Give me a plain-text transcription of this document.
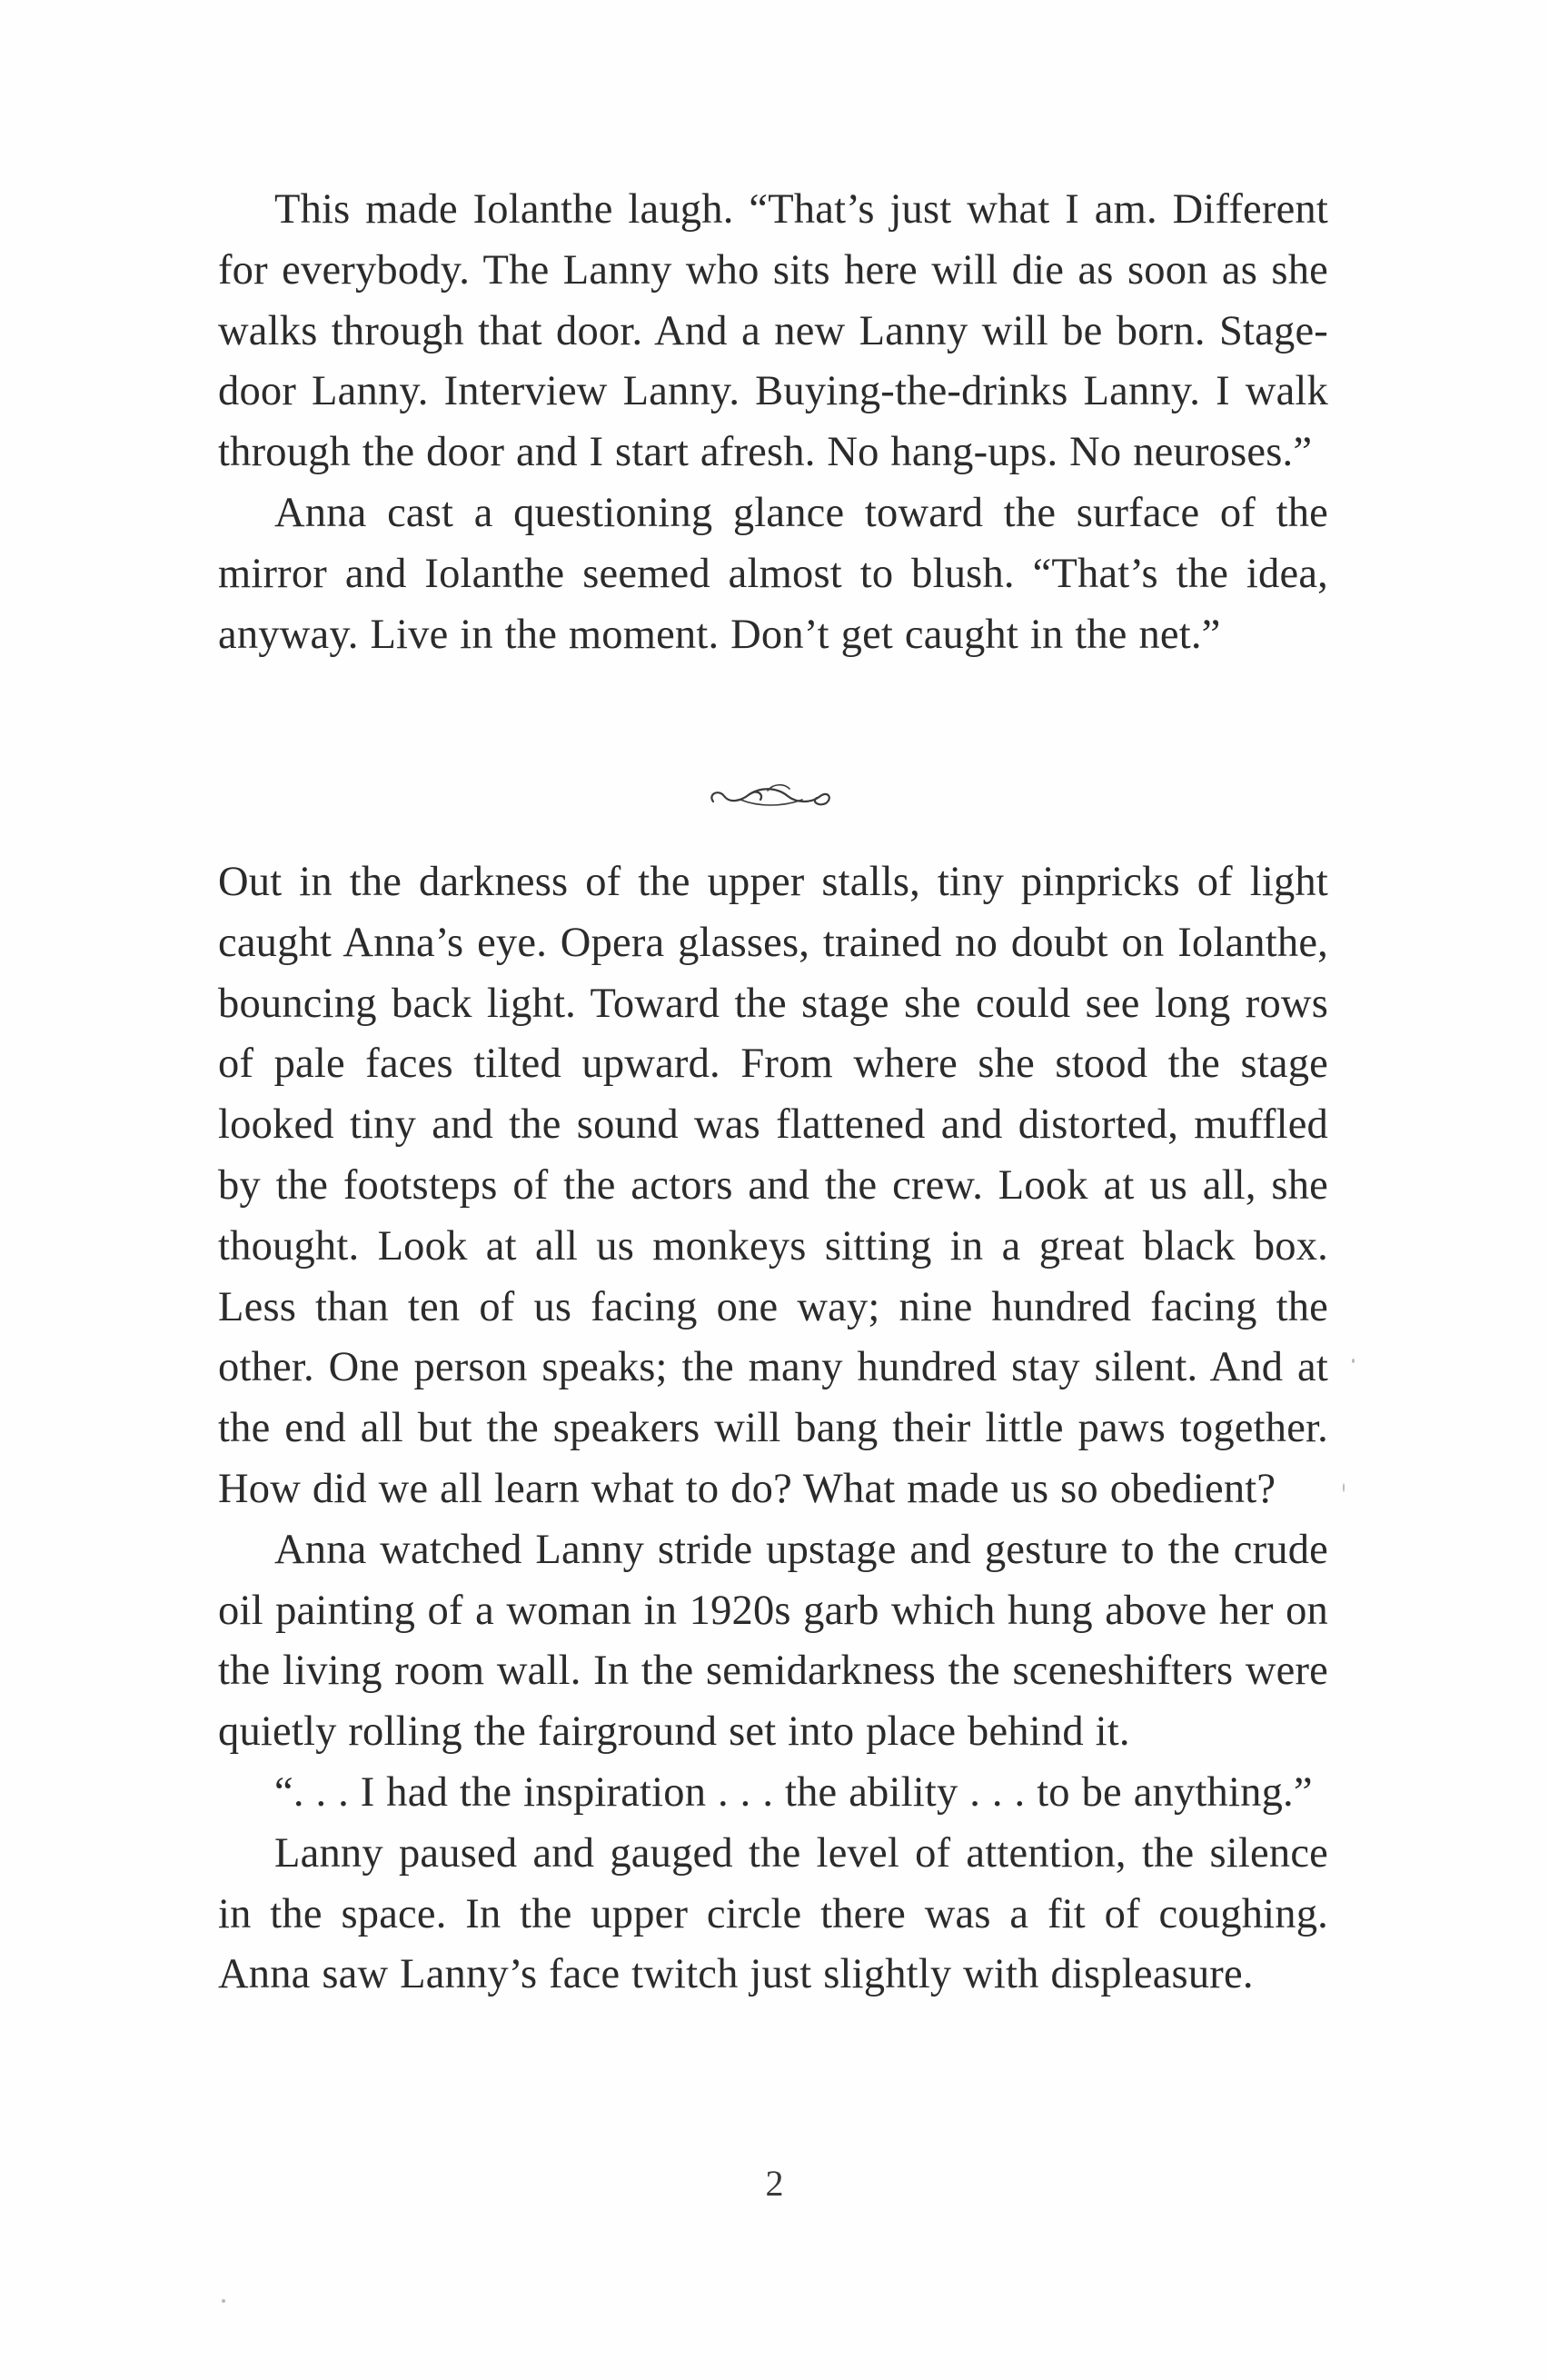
This made Iolanthe laugh. “That’s just what I am. Different for everybody. The Lanny who sits here will die as soon as she walks through that door. And a new Lanny will be born. Stage-door Lanny. Interview Lanny. Buying-the-drinks Lanny. I walk through the door and I start afresh. No hang-ups. No neuroses.”

Anna cast a questioning glance toward the surface of the mirror and Iolanthe seemed almost to blush. “That’s the idea, anyway. Live in the moment. Don’t get caught in the net.”

Out in the darkness of the upper stalls, tiny pinpricks of light caught Anna’s eye. Opera glasses, trained no doubt on Iolanthe, bouncing back light. Toward the stage she could see long rows of pale faces tilted upward. From where she stood the stage looked tiny and the sound was flattened and distorted, muffled by the footsteps of the actors and the crew. Look at us all, she thought. Look at all us monkeys sitting in a great black box. Less than ten of us facing one way; nine hundred facing the other. One person speaks; the many hundred stay silent. And at the end all but the speakers will bang their little paws together. How did we all learn what to do? What made us so obedient?

Anna watched Lanny stride upstage and gesture to the crude oil painting of a woman in 1920s garb which hung above her on the living room wall. In the semidarkness the sceneshifters were quietly rolling the fairground set into place behind it.

“. . . I had the inspiration . . . the ability . . . to be anything.”

Lanny paused and gauged the level of attention, the silence in the space. In the upper circle there was a fit of coughing. Anna saw Lanny’s face twitch just slightly with displeasure.

2
